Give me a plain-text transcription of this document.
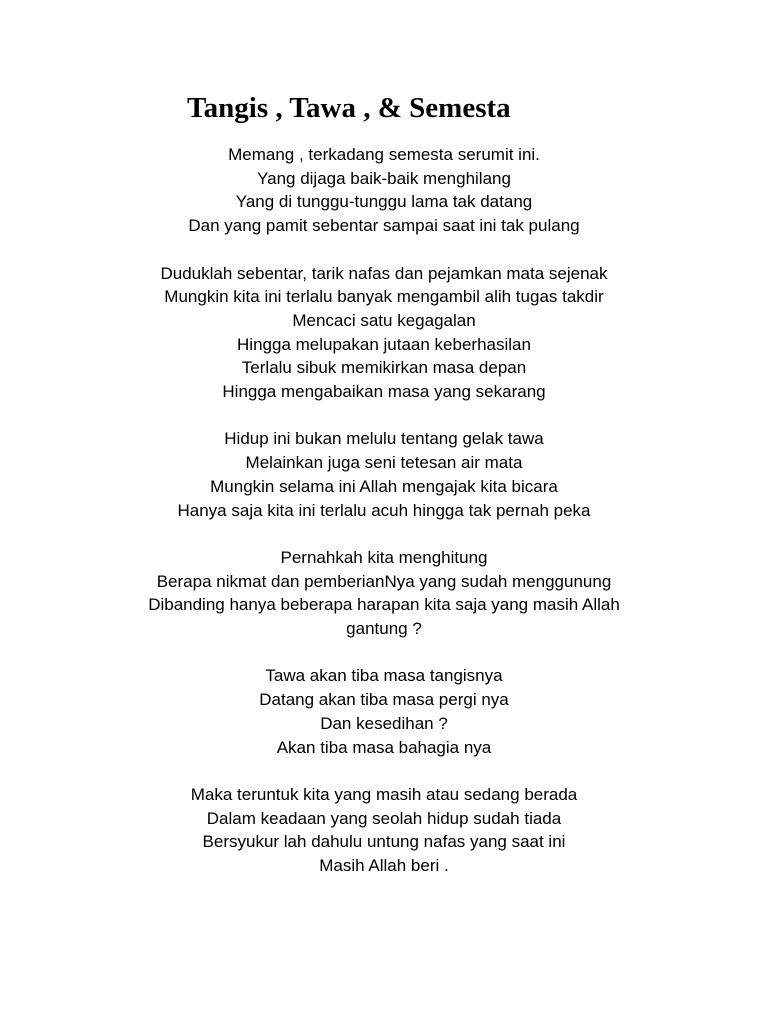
Tangis , Tawa , & Semesta

Memang , terkadang semesta serumit ini.
Yang dijaga baik-baik menghilang
Yang di tunggu-tunggu lama tak datang
Dan yang pamit sebentar sampai saat ini tak pulang

Duduklah sebentar, tarik nafas dan pejamkan mata sejenak
Mungkin kita ini terlalu banyak mengambil alih tugas takdir
Mencaci satu kegagalan
Hingga melupakan jutaan keberhasilan
Terlalu sibuk memikirkan masa depan
Hingga mengabaikan masa yang sekarang

Hidup ini bukan melulu tentang gelak tawa
Melainkan juga seni tetesan air mata
Mungkin selama ini Allah mengajak kita bicara
Hanya saja kita ini terlalu acuh hingga tak pernah peka

Pernahkah kita menghitung
Berapa nikmat dan pemberianNya yang sudah menggunung
Dibanding hanya beberapa harapan kita saja yang masih Allah
gantung ?

Tawa akan tiba masa tangisnya
Datang akan tiba masa pergi nya
Dan kesedihan ?
Akan tiba masa bahagia nya

Maka teruntuk kita yang masih atau sedang berada
Dalam keadaan yang seolah hidup sudah tiada
Bersyukur lah dahulu untung nafas yang saat ini
Masih Allah beri .
